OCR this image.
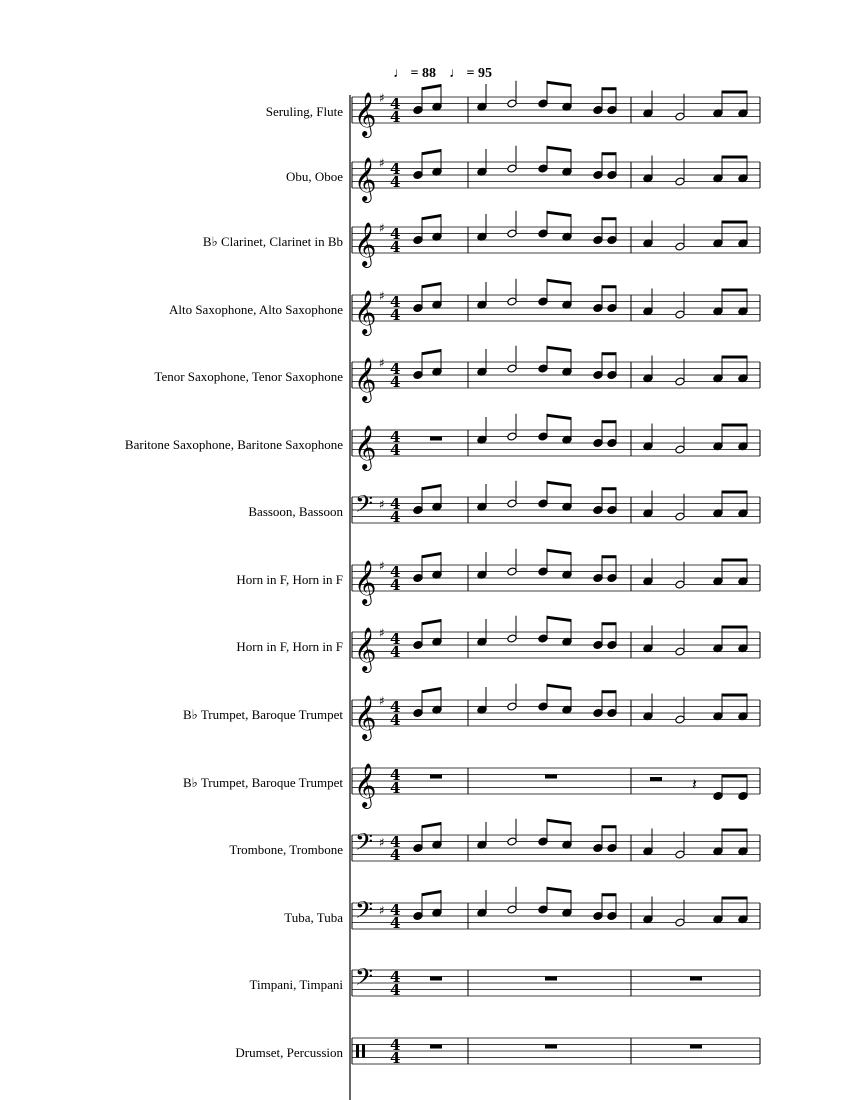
♩ = 88 ♩ = 95
Seruling, Flute
Obu, Oboe
B♭ Clarinet, Clarinet in Bb
Alto Saxophone, Alto Saxophone
Tenor Saxophone, Tenor Saxophone
Baritone Saxophone, Baritone Saxophone
Bassoon, Bassoon
Horn in F, Horn in F
Horn in F, Horn in F
B♭ Trumpet, Baroque Trumpet
B♭ Trumpet, Baroque Trumpet
Trombone, Trombone
Tuba, Tuba
Timpani, Timpani
Drumset, Percussion
𝄞 ♯ 4
4
𝄞 ♯ 4
4
𝄞 ♯ 4
4
𝄞 ♯ 4
4
𝄞 ♯ 4
4
𝄞 4
4
𝄢 ♯ 4
4
𝄞 ♯ 4
4
𝄞 ♯ 4
4
𝄞 ♯ 4
4
𝄞 4
4	𝄽
𝄢 ♯ 4
4
𝄢 ♯ 4
4
𝄢 4
4
4
4
